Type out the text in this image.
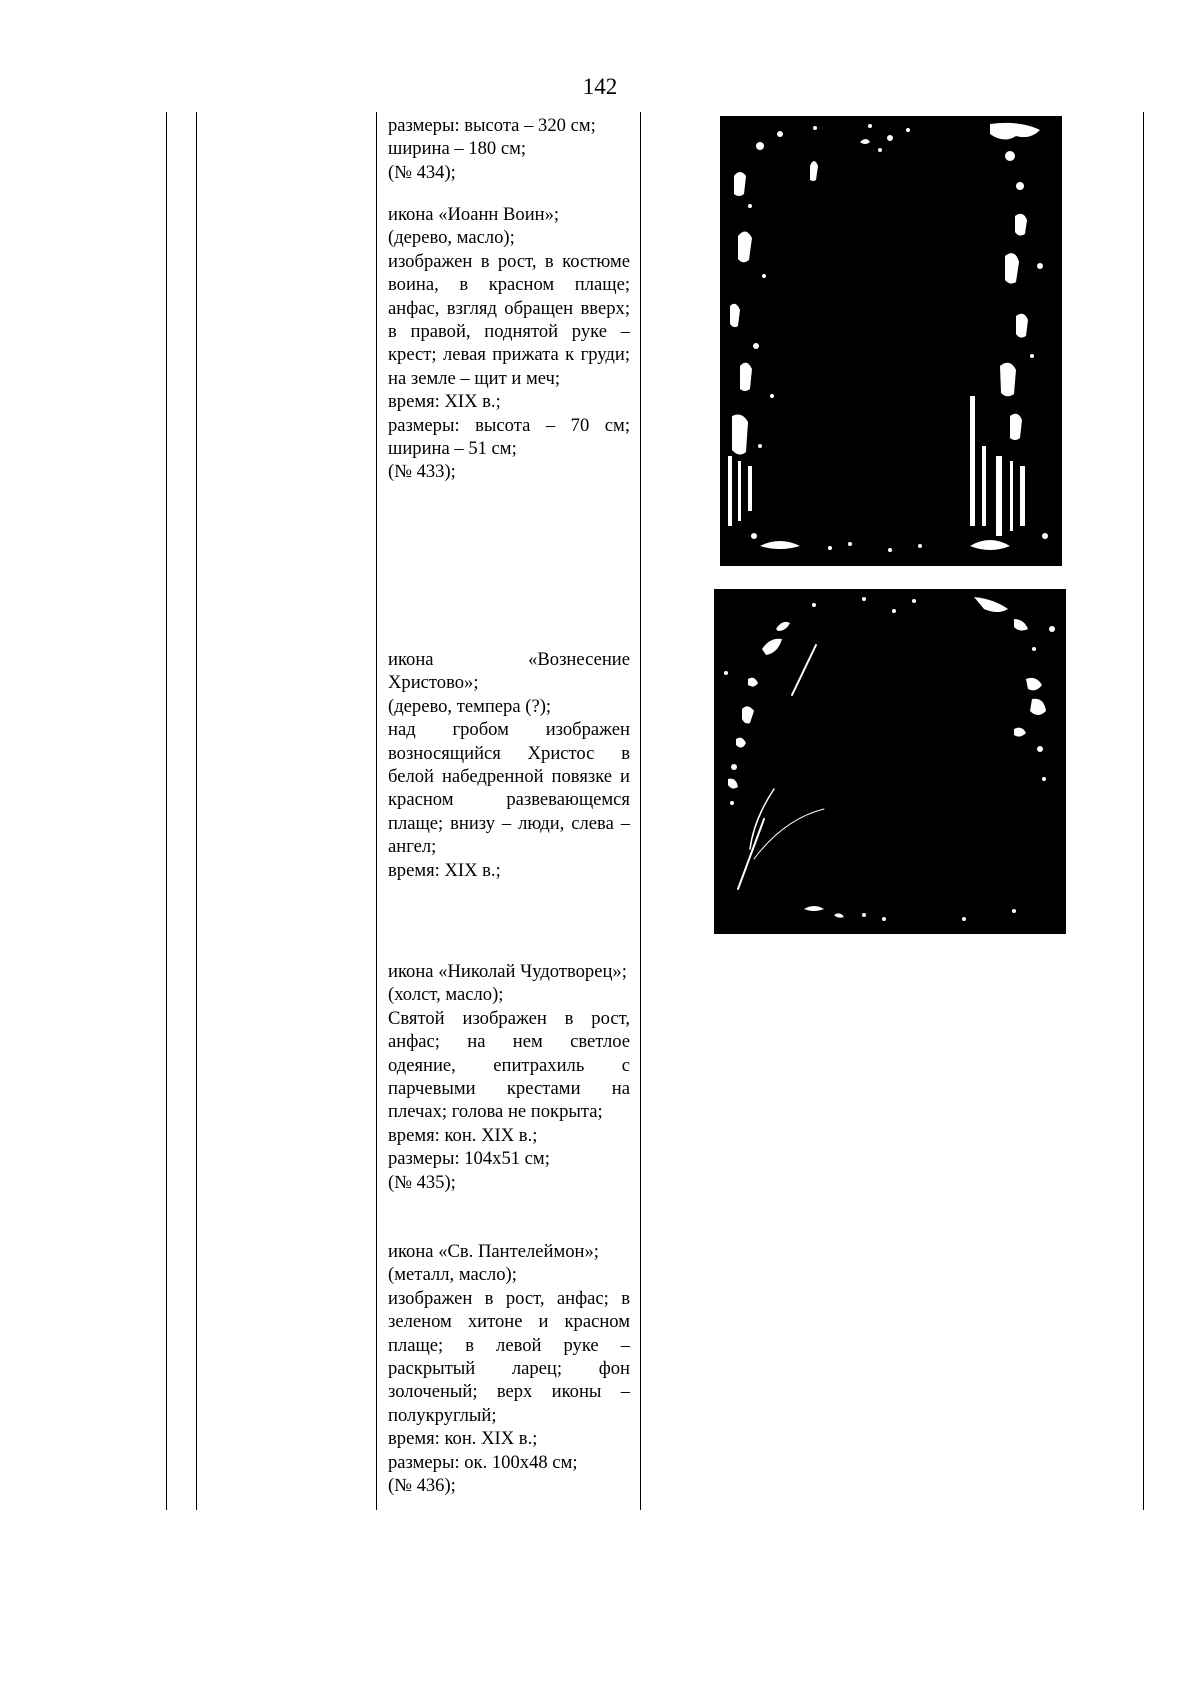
142

размеры: высота – 320 см;

ширина – 180 см;

(№ 434);

икона «Иоанн Воин»;

(дерево, масло);

изображен в рост, в костюме воина, в красном плаще; анфас, взгляд обращен вверх; в правой, поднятой руке – крест; левая прижата к груди; на земле – щит и меч;

время: XIX в.;

размеры: высота – 70 см; ширина – 51 см;

(№ 433);

икона «Вознесение Христово»;

(дерево, темпера (?);

над гробом изображен возносящийся Христос в белой набедренной повязке и красном развевающемся плаще; внизу – люди, слева – ангел;

время: XIX в.;

икона «Николай Чудотворец»;

(холст, масло);

Святой изображен в рост, анфас; на нем светлое одеяние, епитрахиль с парчевыми крестами на плечах; голова не покрыта;

время: кон. XIX в.;

размеры: 104х51 см;

(№ 435);

икона «Св. Пантелеймон»;

(металл, масло);

изображен в рост, анфас; в зеленом хитоне и красном плаще; в левой руке – раскрытый ларец; фон золоченый; верх иконы – полукруглый;

время: кон. XIX в.;

размеры: ок. 100х48 см;

(№ 436);
